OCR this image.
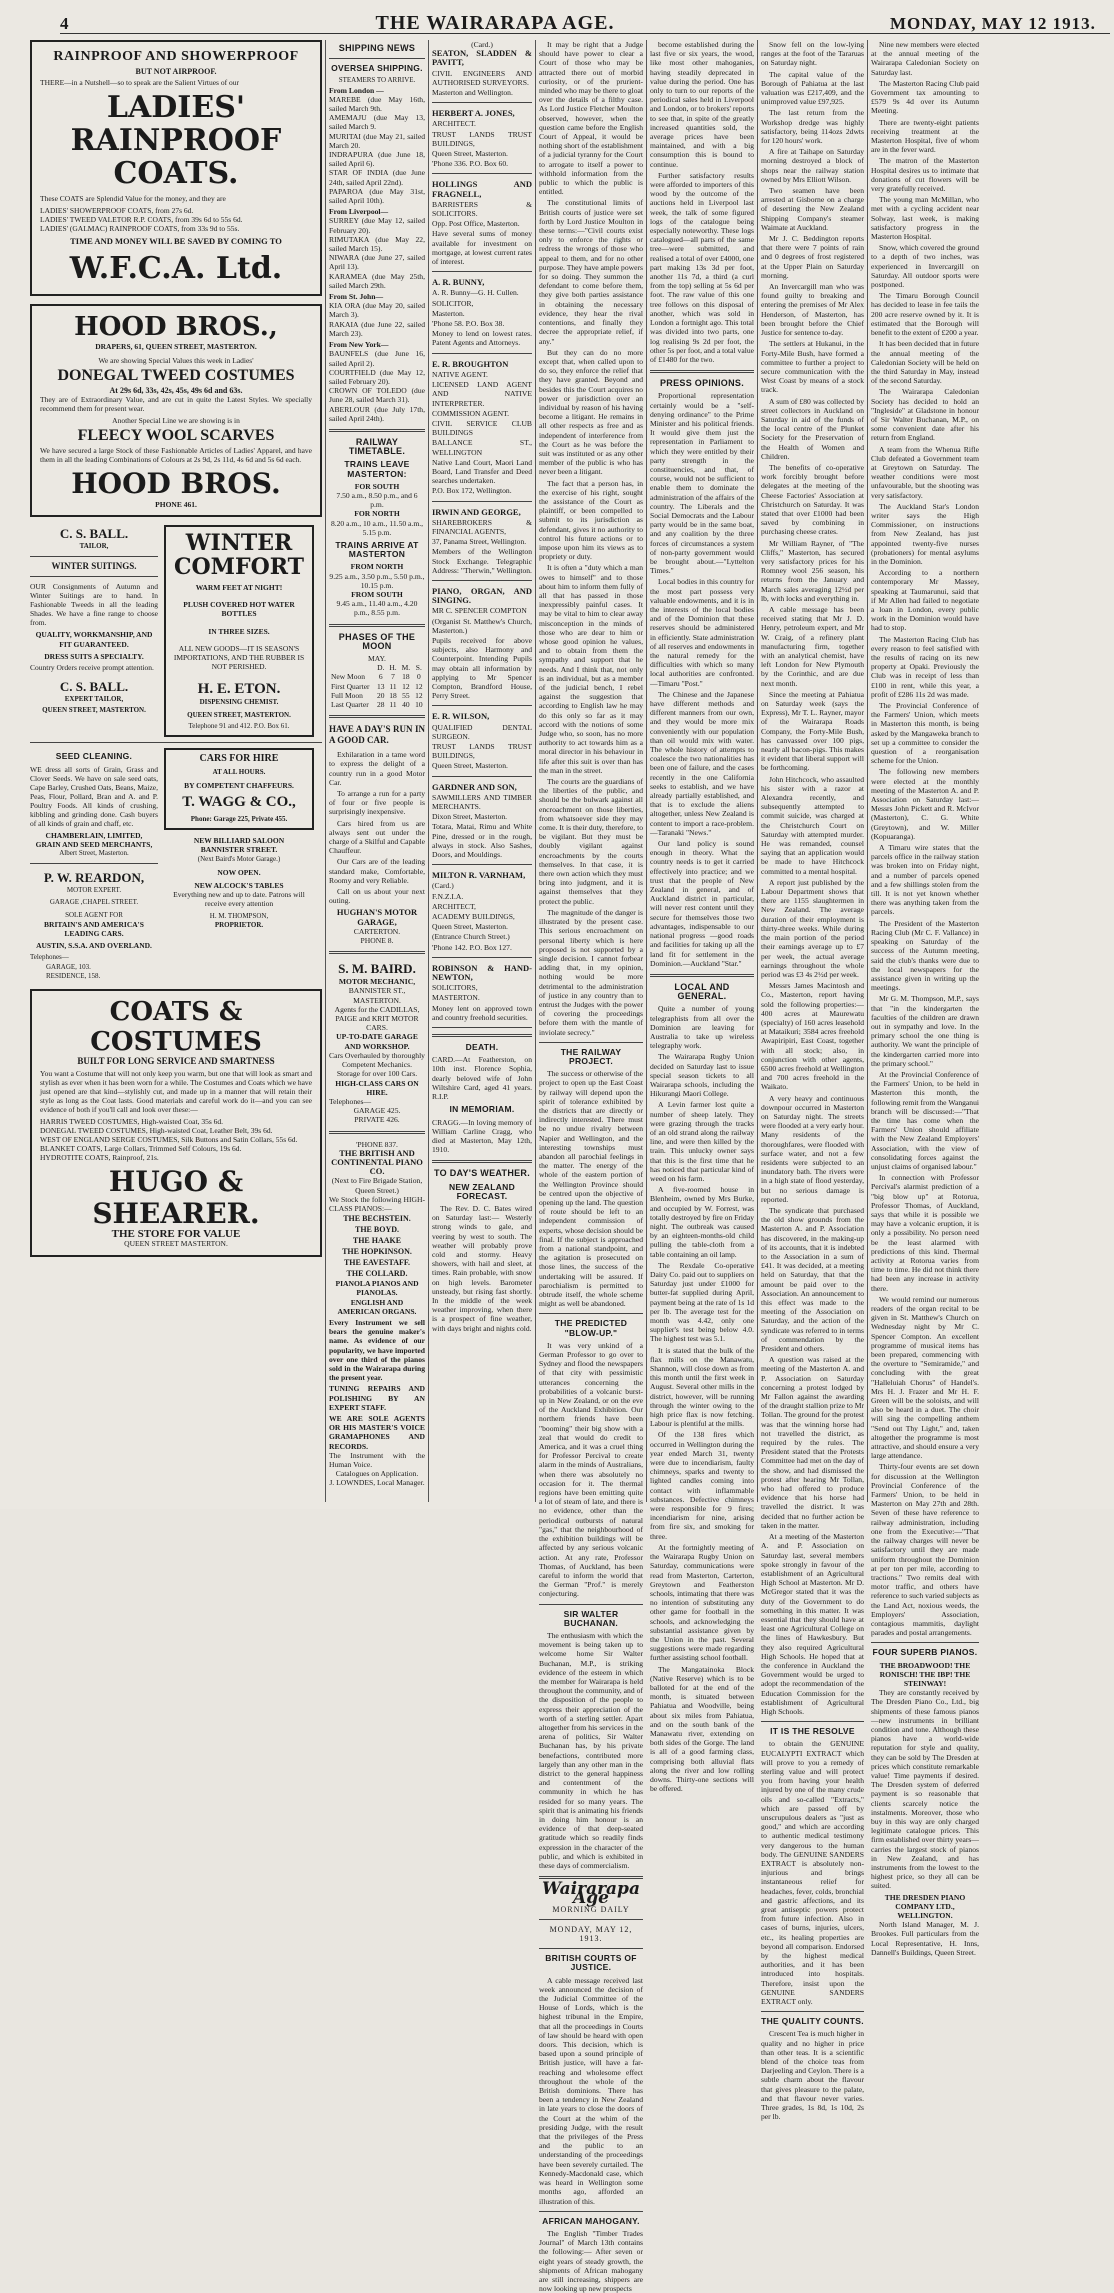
4	THE WAIRARAPA AGE.	MONDAY, MAY 12 1913.
RAINPROOF AND SHOWERPROOF
BUT NOT AIRPROOF.
THERE—in a Nutshell—so to speak are the Salient Virtues of our
LADIES' RAINPROOF COATS.
These COATS are Splendid Value for the money, and they are
LADIES' SHOWERPROOF COATS, from 27s 6d.
LADIES' TWEED VALETOR R.P. COATS, from 39s 6d to 55s 6d.
LADIES' (GALMAC) RAINPROOF COATS, from 33s 9d to 55s.
TIME AND MONEY WILL BE SAVED BY COMING TO
W.F.C.A. Ltd.
HOOD BROS.,
DRAPERS, 61, QUEEN STREET, MASTERTON.
We are showing Special Values this week in Ladies'
DONEGAL TWEED COSTUMES
At 29s 6d, 33s, 42s, 45s, 49s 6d and 63s.
They are of Extraordinary Value, and are cut in quite the Latest Styles. We specially recommend them for present wear.
Another Special Line we are showing is in
FLEECY WOOL SCARVES
We have secured a large Stock of these Fashionable Articles of Ladies' Apparel, and have them in all the leading Combinations of Colours at 2s 9d, 2s 11d, 4s 6d and 5s 6d each.
HOOD BROS.
PHONE 461.
C. S. BALL.
TAILOR,
WINTER SUITINGS.
OUR Consignments of Autumn and Winter Suitings are to hand. In Fashionable Tweeds in all the leading Shades. We have a fine range to choose from.
QUALITY, WORKMANSHIP, AND FIT GUARANTEED.
DRESS SUITS A SPECIALTY.
Country Orders receive prompt attention.
C. S. BALL.
EXPERT TAILOR,
QUEEN STREET, MASTERTON.
WINTER
COMFORT
WARM FEET AT NIGHT!
PLUSH COVERED HOT WATER BOTTLES
IN THREE SIZES.
ALL NEW GOODS—IT IS SEASON'S IMPORTATIONS, AND THE RUBBER IS NOT PERISHED.
H. E. ETON.
DISPENSING CHEMIST.
QUEEN STREET, MASTERTON.
Telephone 91 and 412. P.O. Box 61.
SEED CLEANING.
WE dress all sorts of Grain, Grass and Clover Seeds. We have on sale seed oats, Cape Barley, Crushed Oats, Beans, Maize, Peas, Flour, Pollard, Bran and A. and P. Poultry Foods. All kinds of crushing, kibbling and grinding done. Cash buyers of all kinds of grain and chaff, etc.
CHAMBERLAIN, LIMITED,
GRAIN AND SEED MERCHANTS,
Albert Street, Masterton.
P. W. REARDON,
MOTOR EXPERT.
GARAGE ,CHAPEL STREET.
SOLE AGENT FOR
BRITAIN'S AND AMERICA'S LEADING CARS.
AUSTIN, S.S.A. AND OVERLAND.
Telephones—
GARAGE, 103.
RESIDENCE, 158.
CARS FOR HIRE
AT ALL HOURS.
BY COMPETENT CHAFFEURS.
T. WAGG & CO.,
Phone: Garage 225, Private 455.
NEW BILLIARD SALOON
BANNISTER STREET.
(Next Baird's Motor Garage.)
NOW OPEN.
NEW ALCOCK'S TABLES
Everything new and up to date. Patrons will receive every attention
H. M. THOMPSON,
PROPRIETOR.
COATS & COSTUMES
BUILT FOR LONG SERVICE AND SMARTNESS
You want a Costume that will not only keep you warm, but one that will look as smart and stylish as ever when it has been worn for a while. The Costumes and Coats which we have just opened are that kind—stylishly cut, and made up in a manner that will retain their style as long as the Coat lasts. Good materials and careful work do it—and you can see evidence of both if you'll call and look over these:—
HARRIS TWEED COSTUMES, High-waisted Coat, 35s 6d.
DONEGAL TWEED COSTUMES, High-waisted Coat, Leather Belt, 39s 6d.
WEST OF ENGLAND SERGE COSTUMES, Silk Buttons and Satin Collars, 55s 6d.
BLANKET COATS, Large Collars, Trimmed Self Colours, 19s 6d.
HYDROTITE COATS, Rainproof, 21s.
HUGO & SHEARER.
THE STORE FOR VALUE
QUEEN STREET MASTERTON.
SHIPPING NEWS
OVERSEA SHIPPING.
STEAMERS TO ARRIVE.
From London —
MAREBE (due May 16th, sailed March 9th.
AMEMAJU (due May 13, sailed March 9.
MURITAI (due May 21, sailed March 20.
INDRAPURA (due June 18, sailed April 6).
STAR OF INDIA (due June 24th, sailed April 22nd).
PAPAROA (due May 31st, sailed April 10th).
From Liverpool—
SURREY (due May 12, sailed February 20).
RIMUTAKA (due May 22, sailed March 15).
NIWARA (due June 27, sailed April 13).
KARAMEA (due May 25th, sailed March 29th.
From St. John—
KIA ORA (due May 20, sailed March 3).
RAKAIA (due June 22, sailed March 23).
From New York—
BAUNFELS (due June 16, sailed April 2).
COURTFIELD (due May 12, sailed February 20).
CROWN OF TOLEDO (due June 28, sailed March 31).
ABERLOUR (due July 17th, sailed April 24th).
RAILWAY TIMETABLE.
TRAINS LEAVE MASTERTON:
FOR SOUTH
7.50 a.m., 8.50 p.m., and 6 p.m.
FOR NORTH
8.20 a.m., 10 a.m., 11.50 a.m., 5.15 p.m.
TRAINS ARRIVE AT MASTERTON
FROM NORTH
9.25 a.m., 3.50 p.m., 5.50 p.m., 10.15 p.m.
FROM SOUTH
9.45 a.m., 11.40 a.m., 4.20 p.m., 8.55 p.m.
PHASES OF THE MOON
MAY.
	D.	H.	M.	S.
New Moon	6	7	18	0
First Quarter	13	11	12	12
Full Moon	20	18	55	12
Last Quarter	28	11	40	10
HAVE A DAY'S RUN IN A GOOD CAR.

Exhilaration in a tame word to express the delight of a country run in a good Motor Car.

To arrange a run for a party of four or five people is surprisingly inexpensive.

Cars hired from us are always sent out under the charge of a Skilful and Capable Chauffeur.

Our Cars are of the leading standard make, Comfortable, Roomy and very Reliable.

Call on us about your next outing.

HUGHAN'S MOTOR GARAGE,
CARTERTON.
PHONE 8.
S. M. BAIRD.
MOTOR MECHANIC,
BANNISTER ST., MASTERTON.
Agents for the CADILLAS, PAIGE and KRIT MOTOR CARS.
UP-TO-DATE GARAGE AND WORKSHOP.
Cars Overhauled by thoroughly Competent Mechanics.
Storage for over 100 Cars.
HIGH-CLASS CARS ON HIRE.
Telephones—
GARAGE 425.
PRIVATE 426.
'PHONE 837.
THE BRITISH AND CONTINENTAL PIANO CO.
(Next to Fire Brigade Station, Queen Street.)
We Stock the following HIGH-CLASS PIANOS:—
THE BECHSTEIN.
THE BOYD.
THE HAAKE
THE HOPKINSON.
THE EAVESTAFF.
THE COLLARD.
PIANOLA PIANOS AND PIANOLAS.
ENGLISH AND AMERICAN ORGANS.
Every Instrument we sell bears the genuine maker's name. As evidence of our popularity, we have imported over one third of the pianos sold in the Wairarapa during the present year.
TUNING REPAIRS AND POLISHING BY AN EXPERT STAFF.
WE ARE SOLE AGENTS OR HIS MASTER'S VOICE GRAMAPHONES AND RECORDS.
The Instrument with the Human Voice.
Catalogues on Application.
J. LOWNDES, Local Manager.
(Card.)

SEATON, SLADDEN & PAVITT,

CIVIL ENGINEERS AND AUTHORISED SURVEYORS.

Masterton and Wellington.

HERBERT A. JONES,

ARCHITECT.

TRUST LANDS TRUST BUILDINGS,

Queen Street, Masterton.

'Phone 336. P.O. Box 60.

HOLLINGS AND FRAGNELL,

BARRISTERS & SOLICITORS.

Opp. Post Office, Masterton.

Have several sums of money available for investment on mortgage, at lowest current rates of interest.

A. R. BUNNY,

A. R. Bunny—G. H. Cullen.

SOLICITOR,

Masterton.

'Phone 58. P.O. Box 38.

Money to lend on lowest rates. Patent Agents and Attorneys.

E. R. BROUGHTON

NATIVE AGENT.

LICENSED LAND AGENT AND NATIVE INTERPRETER.

COMMISSION AGENT.

CIVIL SERVICE CLUB BUILDINGS

BALLANCE ST., WELLINGTON

Native Land Court, Maori Land Board, Land Transfer and Deed searches undertaken.

P.O. Box 172, Wellington.

IRWIN AND GEORGE,

SHAREBROKERS & FINANCIAL AGENTS,

37, Panama Street, Wellington.

Members of the Wellington Stock Exchange. Telegraphic Address: "Therwin," Wellington.

PIANO, ORGAN, AND SINGING.

MR C. SPENCER COMPTON

(Organist St. Matthew's Church, Masterton.)

Pupils received for above subjects, also Harmony and Counterpoint. Intending Pupils may obtain all information by applying to Mr Spencer Compton, Brandford House, Perry Street.

E. R. WILSON,

QUALIFIED DENTAL SURGEON.

TRUST LANDS TRUST BUILDINGS,

Queen Street, Masterton.

GARDNER AND SON,

SAWMILLERS AND TIMBER MERCHANTS.

Dixon Street, Masterton.

Totara, Matai, Rimu and White Pine, dressed or in the rough, always in stock. Also Sashes, Doors, and Mouldings.

MILTON R. VARNHAM,

(Card.)

F.N.Z.I.A.

ARCHITECT,

ACADEMY BUILDINGS,

Queen Street, Masterton.

(Entrance Church Street.)

'Phone 142. P.O. Box 127.

ROBINSON & HAND-NEWTON,

SOLICITORS,

MASTERTON.

Money lent on approved town and country freehold securities.

DEATH.
CARD.—At Featherston, on 10th inst. Florence Sophia, dearly beloved wife of John Wiltshire Card, aged 41 years. R.I.P.
IN MEMORIAM.
CRAGG.—In loving memory of William Carline Cragg, who died at Masterton, May 12th, 1910.
TO DAY'S WEATHER.
NEW ZEALAND FORECAST.

The Rev. D. C. Bates wired on Saturday last:— Westerly strong winds to gale, and veering by west to south. The weather will probably prove cold and stormy. Heavy showers, with hail and sleet, at times. Rain probable, with snow on high levels. Barometer unsteady, but rising fast shortly. In the middle of the week weather improving, when there is a prospect of fine weather, with days bright and nights cold.

It may be right that a Judge should have power to clear a Court of those who may be attracted there out of morbid curiosity, or of the prurient-minded who may be there to gloat over the details of a filthy case. As Lord Justice Fletcher Moulton observed, however, when the question came before the English Court of Appeal, it would be nothing short of the establishment of a judicial tyranny for the Court to arrogate to itself a power to withhold information from the public to which the public is entitled.

The constitutional limits of British courts of justice were set forth by Lord Justice Moulton in these terms:—"Civil courts exist only to enforce the rights or redress the wrongs of those who appeal to them, and for no other purpose. They have ample powers for so doing. They summon the defendant to come before them, they give both parties assistance in obtaining the necessary evidence, they hear the rival contentions, and finally they decree the appropriate relief, if any."

But they can do no more except that, when called upon to do so, they enforce the relief that they have granted. Beyond and besides this the Court acquires no power or jurisdiction over an individual by reason of his having become a litigant. He remains in all other respects as free and as independent of interference from the Court as he was before the suit was instituted or as any other member of the public is who has never been a litigant.

The fact that a person has, in the exercise of his right, sought the assistance of the Court as plaintiff, or been compelled to submit to its jurisdiction as defendant, gives it no authority to control his future actions or to impose upon him its views as to propriety or duty.

It is often a "duty which a man owes to himself" and to those about him to inform them fully of all that has passed in those inexpressibly painful cases. It may be vital to him to clear away misconception in the minds of those who are dear to him or whose good opinion he values, and to obtain from them the sympathy and support that he needs. And I think that, not only is an individual, but as a member of the judicial bench, I rebel against the suggestion that according to English law he may do this only so far as it may accord with the notions of some Judge who, so soon, has no more authority to act towards him as a moral director in his behaviour in life after this suit is over than has the man in the street.

The courts are the guardians of the liberties of the public, and should be the bulwark against all encroachment on those liberties, from whatsoever side they may come. It is their duty, therefore, to be vigilant. But they must be doubly vigilant against encroachments by the courts themselves. In that case, it is there own action which they must bring into judgment, and it is against themselves that they protect the public.

The magnitude of the danger is illustrated by the present case. This serious encroachment on personal liberty which is here proposed is not supported by a single decision. I cannot forbear adding that, in my opinion, nothing would be more detrimental to the administration of justice in any country than to entrust the Judges with the power of covering the proceedings before them with the mantle of inviolate secrecy."

THE RAILWAY PROJECT.

The success or otherwise of the project to open up the East Coast by railway will depend upon the spirit of tolerance exhibited by the districts that are directly or indirectly interested. There must be no undue rivalry between Napier and Wellington, and the interesting townships must abandon all parochial feelings in the matter. The energy of the whole of the eastern portion of the Wellington Province should be centred upon the objective of opening up the land. The question of route should be left to an independent commission of experts, whose decision should be final. If the subject is approached from a national standpoint, and the agitation is prosecuted on those lines, the success of the undertaking will be assured. If parochialism is permitted to obtrude itself, the whole scheme might as well be abandoned.

THE PREDICTED "BLOW-UP."

It was very unkind of a German Professor to go over to Sydney and flood the newspapers of that city with pessimistic utterances concerning the probabilities of a volcanic burst-up in New Zealand, or on the eve of the Auckland Exhibition. Our northern friends have been "booming" their big show with a zeal that would do credit to America, and it was a cruel thing for Professor Percival to create alarm in the minds of Australians, when there was absolutely no occasion for it. The thermal regions have been emitting quite a lot of steam of late, and there is no evidence, other than the periodical outbursts of natural "gas," that the neighbourhood of the exhibition buildings will be affected by any serious volcanic action. At any rate, Professor Thomas, of Auckland, has been careful to inform the world that the German "Prof." is merely conjecturing.

SIR WALTER BUCHANAN.

The enthusiasm with which the movement is being taken up to welcome home Sir Walter Buchanan, M.P., is striking evidence of the esteem in which the member for Wairarapa is held throughout the community, and of the disposition of the people to express their appreciation of the worth of a sterling settler. Apart altogether from his services in the arena of politics, Sir Walter Buchanan has, by his private benefactions, contributed more largely than any other man in the district to the general happiness and contentment of the community in which he has resided for so many years. The spirit that is animating his friends in doing him honour is an evidence of that deep-seated gratitude which so readily finds expression in the character of the public, and which is exhibited in these days of commercialism.

Wairarapa Age
MORNING DAILY
MONDAY, MAY 12, 1913.
BRITISH COURTS OF JUSTICE.

A cable message received last week announced the decision of the Judicial Committee of the House of Lords, which is the highest tribunal in the Empire, that all the proceedings in Courts of law should be heard with open doors. This decision, which is based upon a sound principle of British justice, will have a far-reaching and wholesome effect throughout the whole of the British dominions. There has been a tendency in New Zealand in late years to close the doors of the Court at the whim of the presiding Judge, with the result that the privileges of the Press and the public to an understanding of the proceedings have been severely curtailed. The Kennedy-Macdonald case, which was heard in Wellington some months ago, afforded an illustration of this.

AFRICAN MAHOGANY.

The English "Timber Trades Journal" of March 13th contains the following:— After seven or eight years of steady growth, the shipments of African mahogany are still increasing, shippers are now looking up new prospects

become established during the last five or six years, the wood, like most other mahoganies, having steadily deprecated in value during the period. One has only to turn to our reports of the periodical sales held in Liverpool and London, or to brokers' reports to see that, in spite of the greatly increased quantities sold, the average prices have been maintained, and with a big consumption this is bound to continue.

Further satisfactory results were afforded to importers of this wood by the outcome of the auctions held in Liverpool last week, the talk of some figured logs of the catalogue being especially noteworthy. These logs catalogued—all parts of the same tree—were submitted, and realised a total of over £4000, one part making 13s 3d per foot, another 11s 7d, a third (a curl from the top) selling at 5s 6d per foot. The raw value of this one tree follows on this disposal of another, which was sold in London a fortnight ago. This total was divided into two parts, one log realising 9s 2d per foot, the other 5s per foot, and a total value of £1480 for the two.

PRESS OPINIONS.

Proportional representation certainly would be a "self-denying ordinance" to the Prime Minister and his political friends. It would give them just the representation in Parliament to which they were entitled by their party strength in the constituencies, and that, of course, would not be sufficient to enable them to dominate the administration of the affairs of the country. The Liberals and the Social Democrats and the Labour party would be in the same boat, and any coalition by the three forces of circumstances a system of non-party government would be brought about.—"Lyttelton Times."

Local bodies in this country for the most part possess very valuable endowments, and it is in the interests of the local bodies and of the Dominion that these reserves should be administered in efficiently. State administration of all reserves and endowments in the natural remedy for the difficulties with which so many local authorities are confronted.—Timaru "Post."

The Chinese and the Japanese have different methods and different manners from our own, and they would be more mix conveniently with our population than oil would mix with water. The whole history of attempts to coalesce the two nationalities has been one of failure, and the cases recently in the one California seeks to establish, and we have already partially established, and that is to exclude the aliens altogether, unless New Zealand is content to import a race-problem.—Taranaki "News."

Our land policy is sound enough in theory. What the country needs is to get it carried effectively into practice; and we trust that the people of New Zealand in general, and of Auckland district in particular, will never rest content until they secure for themselves those two advantages, indispensable to our national progress —good roads and facilities for taking up all the land fit for settlement in the Dominion.—Auckland "Star."

LOCAL AND GENERAL.

Quite a number of young telegraphists from all over the Dominion are leaving for Australia to take up wireless telegraphy work.

The Wairarapa Rugby Union decided on Saturday last to issue special season tickets to all Wairarapa schools, including the Hikurangi Maori College.

A Levin farmer lost quite a number of sheep lately. They were grazing through the tracks of an old strand along the railway line, and were then killed by the train. This unlucky owner says that this is the first time that he has noticed that particular kind of weed on his farm.

A five-roomed house in Blenheim, owned by Mrs Burke, and occupied by W. Forrest, was totally destroyed by fire on Friday night. The outbreak was caused by an eighteen-months-old child pulling the table-cloth from a table containing an oil lamp.

The Rexdale Co-operative Dairy Co. paid out to suppliers on Saturday just under £1000 for butter-fat supplied during April, payment being at the rate of 1s 1d per lb. The average test for the month was 4.42, only one supplier's test being below 4.0. The highest test was 5.1.

It is stated that the bulk of the flax mills on the Manawatu, Shannon, will close down as from this month until the first week in August. Several other mills in the district, however, will be running through the winter owing to the high price flax is now fetching. Labour is plentiful at the mills.

Of the 138 fires which occurred in Wellington during the year ended March 31, twenty were due to incendiarism, faulty chimneys, sparks and twenty to lighted candles coming into contact with inflammable substances. Defective chimneys were responsible for 9 fires; incendiarism for nine, arising from fire six, and smoking for three.

At the fortnightly meeting of the Wairarapa Rugby Union on Saturday, communications were read from Masterton, Carterton, Greytown and Featherston schools, intimating that there was no intention of substituting any other game for football in the schools, and acknowledging the substantial assistance given by the Union in the past. Several suggestions were made regarding further assisting school football.

The Mangatainoka Block (Native Reserve) which is to be balloted for at the end of the month, is situated between Pahiatua and Woodville, being about six miles from Pahiatua, and on the south bank of the Manawatu river, extending on both sides of the Gorge. The land is all of a good farming class, comprising both alluvial flats along the river and low rolling downs. Thirty-one sections will be offered.

Snow fell on the low-lying ranges at the foot of the Tararuas on Saturday night.

The capital value of the Borough of Pahiatua at the last valuation was £217,409, and the unimproved value £97,925.

The last return from the Workshop dredge was highly satisfactory, being 114ozs 2dwts for 120 hours' work.

A fire at Taihape on Saturday morning destroyed a block of shops near the railway station owned by Mrs Elliott Wilson.

Two seamen have been arrested at Gisborne on a charge of deserting the New Zealand Shipping Company's steamer Waimate at Auckland.

Mr J. C. Beddington reports that there were 7 points of rain and 0 degrees of frost registered at the Upper Plain on Saturday morning.

An Invercargill man who was found guilty to breaking and entering the premises of Mr Alex Henderson, of Masterton, has been brought before the Chief Justice for sentence to-day.

The settlers at Hukanui, in the Forty-Mile Bush, have formed a committee to further a project to secure communication with the West Coast by means of a stock track.

A sum of £80 was collected by street collectors in Auckland on Saturday in aid of the funds of the local centre of the Plunket Society for the Preservation of the Health of Women and Children.

The benefits of co-operative work forcibly brought before delegates at the meeting of the Cheese Factories' Association at Christchurch on Saturday. It was stated that over £1000 had been saved by combining in purchasing cheese crates.

Mr William Rayner, of "The Cliffs," Masterton, has secured very satisfactory prices for his Romney wool 256 season, his returns from the January and March sales averaging 12½d per lb, with locks and everything in.

A cable message has been received stating that Mr J. D. Henry, petroleum expert, and Mr W. Craig, of a refinery plant manufacturing firm, together with an analytical chemist, have left London for New Plymouth by the Corinthic, and are due next month.

Since the meeting at Pahiatua on Saturday week (says the Express), Mr T. L. Rayner, mayor of the Wairarapa Roads Company, the Forty-Mile Bush, has canvassed over 100 pigs, nearly all bacon-pigs. This makes it evident that liberal support will be forthcoming.

John Hitchcock, who assaulted his sister with a razor at Alexandra recently, and subsequently attempted to commit suicide, was charged at the Christchurch Court on Saturday with attempted murder. He was remanded, counsel saying that an application would be made to have Hitchcock committed to a mental hospital.

A report just published by the Labour Department shows that there are 1155 slaughtermen in New Zealand. The average duration of their employment is thirty-three weeks. While during the main portion of the period their earnings average up to £7 per week, the actual average earnings throughout the whole period was £3 4s 2½d per week.

Messrs James Macintosh and Co., Masterton, report having sold the following properties:—400 acres at Maurewatu (specialty) of 160 acres leasehold at Mataikuri; 3584 acres freehold Awapiripiri, East Coast, together with all stock; also, in conjunction with other agents, 6500 acres freehold at Wellington and 700 acres freehold in the Waikato.

A very heavy and continuous downpour occurred in Masterton on Saturday night. The streets were flooded at a very early hour. Many residents of the thoroughfares, were flooded with surface water, and not a few residents were subjected to an inundatory bath. The rivers were in a high state of flood yesterday, but no serious damage is reported.

The syndicate that purchased the old show grounds from the Masterton A. and P. Association has discovered, in the making-up of its accounts, that it is indebted to the Association in a sum of £41. It was decided, at a meeting held on Saturday, that that the amount be paid over to the Association. An announcement to this effect was made to the meeting of the Association on Saturday, and the action of the syndicate was referred to in terms of commendation by the President and others.

A question was raised at the meeting of the Masterton A. and P. Association on Saturday concerning a protest lodged by Mr Fallon against the awarding of the draught stallion prize to Mr Tollan. The ground for the protest was that the winning horse had not travelled the district, as required by the rules. The President stated that the Protests Committee had met on the day of the show, and had dismissed the protest after hearing Mr Tollan, who had offered to produce evidence that his horse had travelled the district. It was decided that no further action be taken in the matter.

At a meeting of the Masterton A. and P. Association on Saturday last, several members spoke strongly in favour of the establishment of an Agricultural High School at Masterton. Mr D. McGregor stated that it was the duty of the Government to do something in this matter. It was essential that they should have at least one Agricultural College on the lines of Hawkesbury. But they also required Agricultural High Schools. He hoped that at the conference in Auckland the Government would be urged to adopt the recommendation of the Education Commission for the establishment of Agricultural High Schools.

IT IS THE RESOLVE

to obtain the GENUINE EUCALYPTI EXTRACT which will prove to you a remedy of sterling value and will protect you from having your health injured by one of the many crude oils and so-called "Extracts," which are passed off by unscrupulous dealers as "just as good," and which are according to authentic medical testimony very dangerous to the human body. The GENUINE SANDERS EXTRACT is absolutely non-injurious and brings instantaneous relief for headaches, fever, colds, bronchial and gastric affections, and its great antiseptic powers protect from future infection. Also in cases of burns, injuries, ulcers, etc., its healing properties are beyond all comparison. Endorsed by the highest medical authorities, and it has been introduced into hospitals. Therefore, insist upon the GENUINE SANDERS EXTRACT only.

THE QUALITY COUNTS.

Crescent Tea is much higher in quality and no higher in price than other teas. It is a scientific blend of the choice teas from Darjeeling and Ceylon. There is a subtle charm about the flavour that gives pleasure to the palate, and that flavour never varies. Three grades, 1s 8d, 1s 10d, 2s per lb.

Nine new members were elected at the annual meeting of the Wairarapa Caledonian Society on Saturday last.

The Masterton Racing Club paid Government tax amounting to £579 9s 4d over its Autumn Meeting.

There are twenty-eight patients receiving treatment at the Masterton Hospital, five of whom are in the fever ward.

The matron of the Masterton Hospital desires us to intimate that donations of cut flowers will be very gratefully received.

The young man McMillan, who met with a cycling accident near Solway, last week, is making satisfactory progress in the Masterton Hospital.

Snow, which covered the ground to a depth of two inches, was experienced in Invercargill on Saturday. All outdoor sports were postponed.

The Timaru Borough Council has decided to lease in fee tails the 200 acre reserve owned by it. It is estimated that the Borough will benefit to the extent of £200 a year.

It has been decided that in future the annual meeting of the Caledonian Society will be held on the third Saturday in May, instead of the second Saturday.

The Wairarapa Caledonian Society has decided to hold an "Ingleside" at Gladstone in honour of Sir Walter Buchanan, M.P., on some convenient date after his return from England.

A team from the Whenua Rifle Club defeated a Government team at Greytown on Saturday. The weather conditions were most unfavourable, but the shooting was very satisfactory.

The Auckland Star's London writer says the High Commissioner, on instructions from New Zealand, has just appointed twenty-five nurses (probationers) for mental asylums in the Dominion.

According to a northern contemporary Mr Massey, speaking at Taumarunui, said that if Mr Allen had failed to negotiate a loan in London, every public work in the Dominion would have had to stop.

The Masterton Racing Club has every reason to feel satisfied with the results of racing on its new property at Opaki. Previously the Club was in receipt of less than £100 in rent, while this year, a profit of £286 11s 2d was made.

The Provincial Conference of the Farmers' Union, which meets in Masterton this month, is being asked by the Mangaweka branch to set up a committee to consider the question of a reorganisation scheme for the Union.

The following new members were elected at the monthly meeting of the Masterton A. and P. Association on Saturday last:—Messrs John Pickett and R. McIvor (Masterton), C. G. White (Greytown), and W. Miller (Kopuaranga).

A Timaru wire states that the parcels office in the railway station was broken into on Friday night, and a number of parcels opened and a few shillings stolen from the till. It is not yet known whether there was anything taken from the parcels.

The President of the Masterton Racing Club (Mr C. F. Vallance) in speaking on Saturday of the success of the Autumn meeting, said the club's thanks were due to the local newspapers for the assistance given in writing up the meetings.

Mr G. M. Thompson, M.P., says that "in the kindergarten the faculties of the children are drawn out in sympathy and love. In the primary school the one thing is authority. We want the principle of the kindergarten carried more into the primary school."

At the Provincial Conference of the Farmers' Union, to be held in Masterton this month, the following remit from the Wanganui branch will be discussed:—"That the time has come when the Farmers' Union should affiliate with the New Zealand Employers' Association, with the view of consolidating forces against the unjust claims of organised labour."

In connection with Professor Percival's alarmist prediction of a "big blow up" at Rotorua, Professor Thomas, of Auckland, says that while it is possible we may have a volcanic eruption, it is only a possibility. No person need be the least alarmed with predictions of this kind. Thermal activity at Rotorua varies from time to time. He did not think there had been any increase in activity there.

We would remind our numerous readers of the organ recital to be given in St. Matthew's Church on Wednesday night by Mr C. Spencer Compton. An excellent programme of musical items has been prepared, commencing with the overture to "Semiramide," and concluding with the great "Halleluiah Chorus" of Handel's. Mrs H. J. Frazer and Mr H. F. Green will be the soloists, and will also be heard in a duet. The choir will sing the compelling anthem "Send out Thy Light," and, taken altogether the programme is most attractive, and should ensure a very large attendance.

Thirty-four events are set down for discussion at the Wellington Provincial Conference of the Farmers' Union, to be held in Masterton on May 27th and 28th. Seven of these have reference to railway administration, including one from the Executive:—"That the railway charges will never be satisfactory until they are made uniform throughout the Dominion at per ton per mile, according to tractions." Two remits deal with motor traffic, and others have reference to such varied subjects as the Land Act, noxious weeds, the Employers' Association, contagious mammitis, daylight parades and postal arrangements.

FOUR SUPERB PIANOS.
THE BROADWOOD! THE RONISCH! THE IBP! THE STEINWAY!

They are constantly received by The Dresden Piano Co., Ltd., big shipments of these famous pianos—new instruments in brilliant condition and tone. Although these pianos have a world-wide reputation for style and quality, they can be sold by The Dresden at prices which constitute remarkable value! Time payments if desired. The Dresden system of deferred payment is so reasonable that clients scarcely notice the instalments. Moreover, those who buy in this way are only charged legitimate catalogue prices. This firm established over thirty years—carries the largest stock of pianos in New Zealand, and has instruments from the lowest to the highest price, so they all can be suited.

THE DRESDEN PIANO COMPANY LTD., WELLINGTON.

North Island Manager, M. J. Brookes. Full particulars from the Local Representative, H. Inns, Dannell's Buildings, Queen Street.
